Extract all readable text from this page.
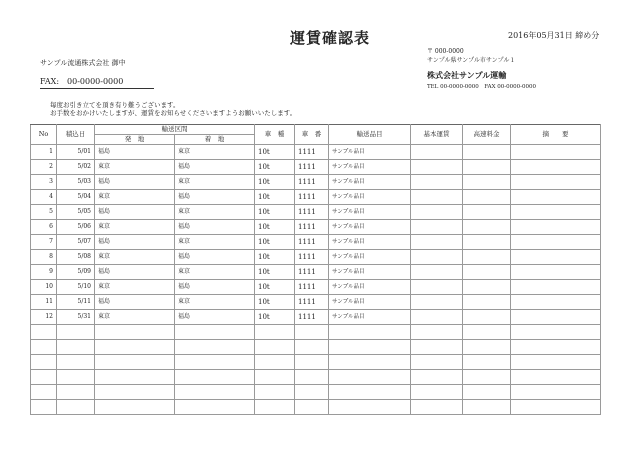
運賃確認表	2016年05月31日 締め分
サンプル流通株式会社 御中
FAX:　00-0000-0000
〒 000-0000
サンプル県サンプル市サンプル１
株式会社サンプル運輸
TEL 00-0000-0000　FAX 00-0000-0000
毎度お引き立てを頂き有り難うございます。
お手数をおかけいたしますが、運賃をお知らせくださいますようお願いいたします。
No	積込日	輸送区間		車　種	車　番	輸送品目	基本運賃	高速料金	摘　　要
		発　地	着　地						
1	5/01	福島	東京	10t	1111	サンプル品目			
2	5/02	東京	福島	10t	1111	サンプル品目			
3	5/03	福島	東京	10t	1111	サンプル品目			
4	5/04	東京	福島	10t	1111	サンプル品目			
5	5/05	福島	東京	10t	1111	サンプル品目			
6	5/06	東京	福島	10t	1111	サンプル品目			
7	5/07	福島	東京	10t	1111	サンプル品目			
8	5/08	東京	福島	10t	1111	サンプル品目			
9	5/09	福島	東京	10t	1111	サンプル品目			
10	5/10	東京	福島	10t	1111	サンプル品目			
11	5/11	福島	東京	10t	1111	サンプル品目			
12	5/31	東京	福島	10t	1111	サンプル品目			
